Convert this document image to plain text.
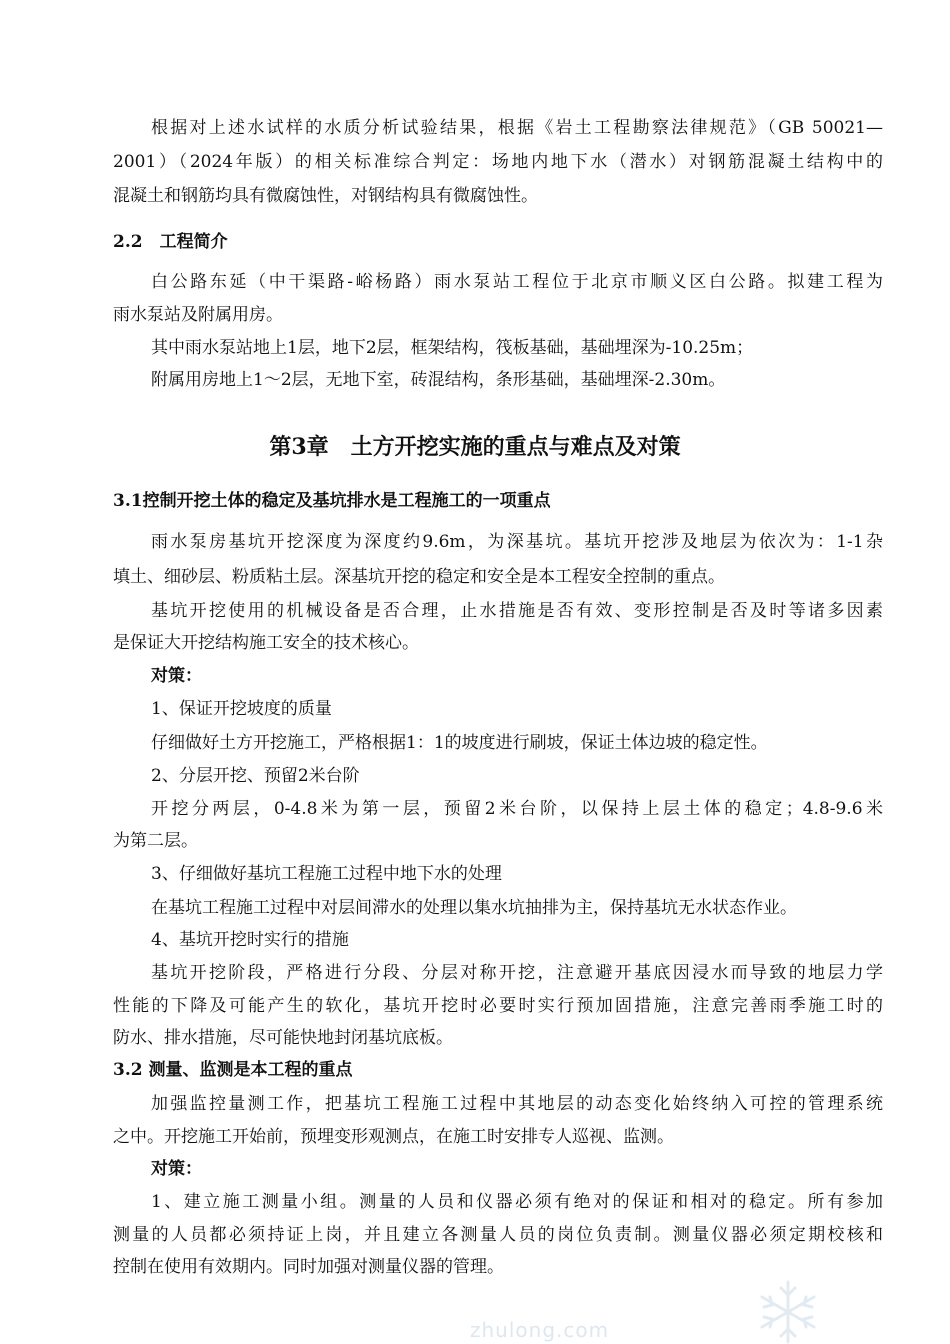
根据对上述水试样的水质分析试验结果，根据《岩土工程勘察法律规范》（GB 50021—
2001）（2024年版）的相关标准综合判定：场地内地下水（潜水）对钢筋混凝土结构中的
混凝土和钢筋均具有微腐蚀性，对钢结构具有微腐蚀性。
2.2　工程简介
白公路东延（中干渠路-峪杨路）雨水泵站工程位于北京市顺义区白公路。拟建工程为
雨水泵站及附属用房。
其中雨水泵站地上1层，地下2层，框架结构，筏板基础，基础埋深为-10.25m；
附属用房地上1～2层，无地下室，砖混结构，条形基础，基础埋深-2.30m。
第3章　土方开挖实施的重点与难点及对策
3.1控制开挖土体的稳定及基坑排水是工程施工的一项重点
雨水泵房基坑开挖深度为深度约9.6m，为深基坑。基坑开挖涉及地层为依次为：1-1杂
填土、细砂层、粉质粘土层。深基坑开挖的稳定和安全是本工程安全控制的重点。
基坑开挖使用的机械设备是否合理，止水措施是否有效、变形控制是否及时等诸多因素
是保证大开挖结构施工安全的技术核心。
对策：
1、保证开挖坡度的质量
仔细做好土方开挖施工，严格根据1：1的坡度进行刷坡，保证土体边坡的稳定性。
2、分层开挖、预留2米台阶
开挖分两层，0-4.8米为第一层，预留2米台阶，以保持上层土体的稳定；4.8-9.6米
为第二层。
3、仔细做好基坑工程施工过程中地下水的处理
在基坑工程施工过程中对层间滞水的处理以集水坑抽排为主，保持基坑无水状态作业。
4、基坑开挖时实行的措施
基坑开挖阶段，严格进行分段、分层对称开挖，注意避开基底因浸水而导致的地层力学
性能的下降及可能产生的软化，基坑开挖时必要时实行预加固措施，注意完善雨季施工时的
防水、排水措施，尽可能快地封闭基坑底板。
3.2 测量、监测是本工程的重点
加强监控量测工作，把基坑工程施工过程中其地层的动态变化始终纳入可控的管理系统
之中。开挖施工开始前，预埋变形观测点，在施工时安排专人巡视、监测。
对策：
1、建立施工测量小组。测量的人员和仪器必须有绝对的保证和相对的稳定。所有参加
测量的人员都必须持证上岗，并且建立各测量人员的岗位负责制。测量仪器必须定期校核和
控制在使用有效期内。同时加强对测量仪器的管理。
zhulong.com
